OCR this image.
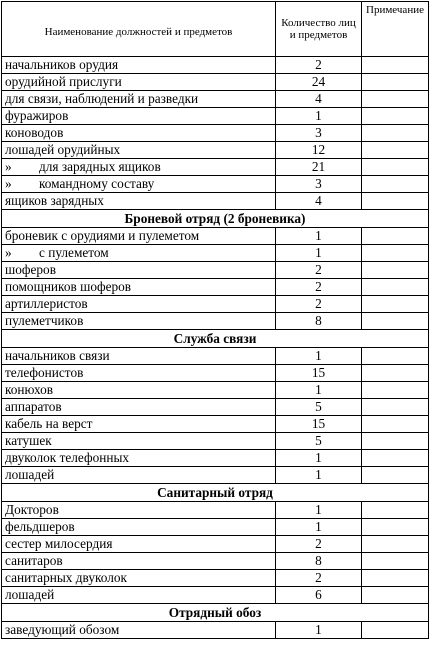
Наименование должностей и предметов	Количество лиц и предметов	Примечание
начальников орудия	2	
орудийной прислуги	24	
для связи, наблюдений и разведки	4	
фуражиров	1	
коноводов	3	
лошадей орудийных	12	
» для зарядных ящиков	21	
» командному составу	3	
ящиков зарядных	4	
Броневой отряд (2 броневика)		
броневик с орудиями и пулеметом	1	
» с пулеметом	1	
шоферов	2	
помощников шоферов	2	
артиллеристов	2	
пулеметчиков	8	
Служба связи		
начальников связи	1	
телефонистов	15	
конюхов	1	
аппаратов	5	
кабель на верст	15	
катушек	5	
двуколок телефонных	1	
лошадей	1	
Санитарный отряд		
Докторов	1	
фельдшеров	1	
сестер милосердия	2	
санитаров	8	
санитарных двуколок	2	
лошадей	6	
Отрядный обоз		
заведующий обозом	1	
